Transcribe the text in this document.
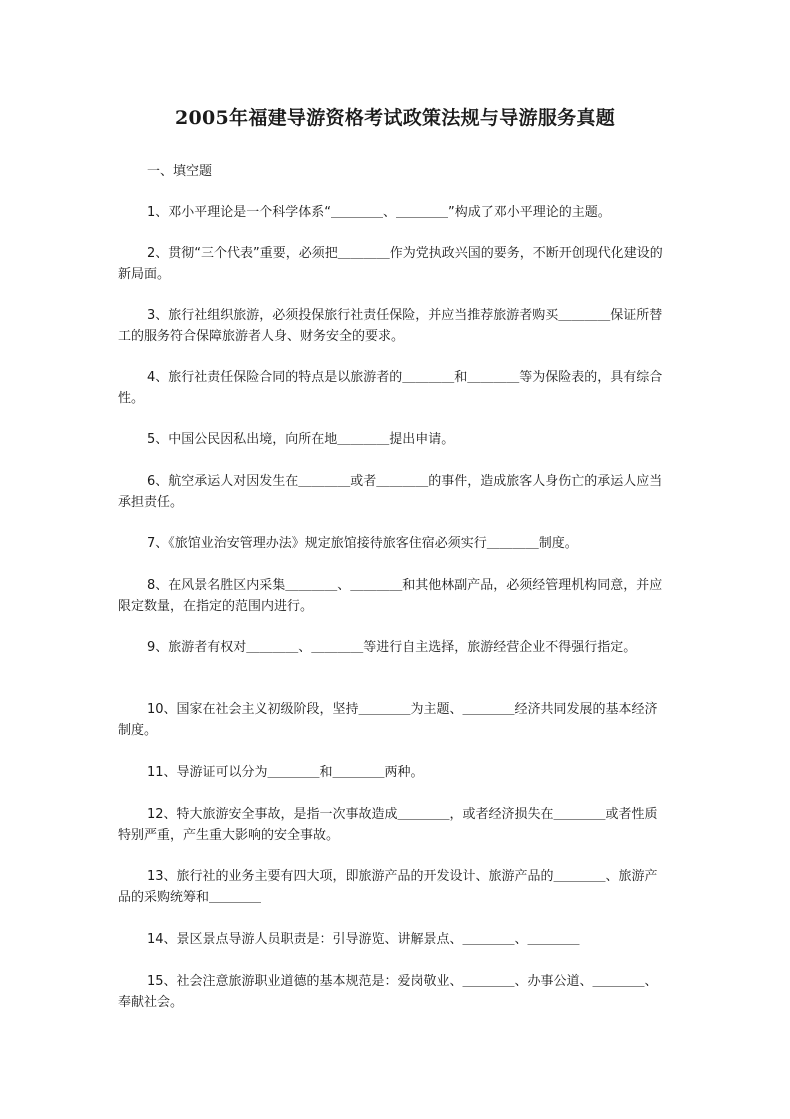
2005年福建导游资格考试政策法规与导游服务真题
一、填空题

1、邓小平理论是一个科学体系“＿＿＿＿、＿＿＿＿”构成了邓小平理论的主题。

2、贯彻“三个代表”重要，必须把＿＿＿＿作为党执政兴国的要务，不断开创现代化建设的新局面。

3、旅行社组织旅游，必须投保旅行社责任保险，并应当推荐旅游者购买＿＿＿＿保证所替工的服务符合保障旅游者人身、财务安全的要求。

4、旅行社责任保险合同的特点是以旅游者的＿＿＿＿和＿＿＿＿等为保险表的，具有综合性。

5、中国公民因私出境，向所在地＿＿＿＿提出申请。

6、航空承运人对因发生在＿＿＿＿或者＿＿＿＿的事件，造成旅客人身伤亡的承运人应当承担责任。

7、《旅馆业治安管理办法》规定旅馆接待旅客住宿必须实行＿＿＿＿制度。

8、在风景名胜区内采集＿＿＿＿、＿＿＿＿和其他林副产品，必须经管理机构同意，并应限定数量，在指定的范围内进行。

9、旅游者有权对＿＿＿＿、＿＿＿＿等进行自主选择，旅游经营企业不得强行指定。

10、国家在社会主义初级阶段，坚持＿＿＿＿为主题、＿＿＿＿经济共同发展的基本经济制度。

11、导游证可以分为＿＿＿＿和＿＿＿＿两种。

12、特大旅游安全事故，是指一次事故造成＿＿＿＿，或者经济损失在＿＿＿＿或者性质特别严重，产生重大影响的安全事故。

13、旅行社的业务主要有四大项，即旅游产品的开发设计、旅游产品的＿＿＿＿、旅游产品的采购统筹和＿＿＿＿

14、景区景点导游人员职责是：引导游览、讲解景点、＿＿＿＿、＿＿＿＿

15、社会注意旅游职业道德的基本规范是：爱岗敬业、＿＿＿＿、办事公道、＿＿＿＿、奉献社会。
